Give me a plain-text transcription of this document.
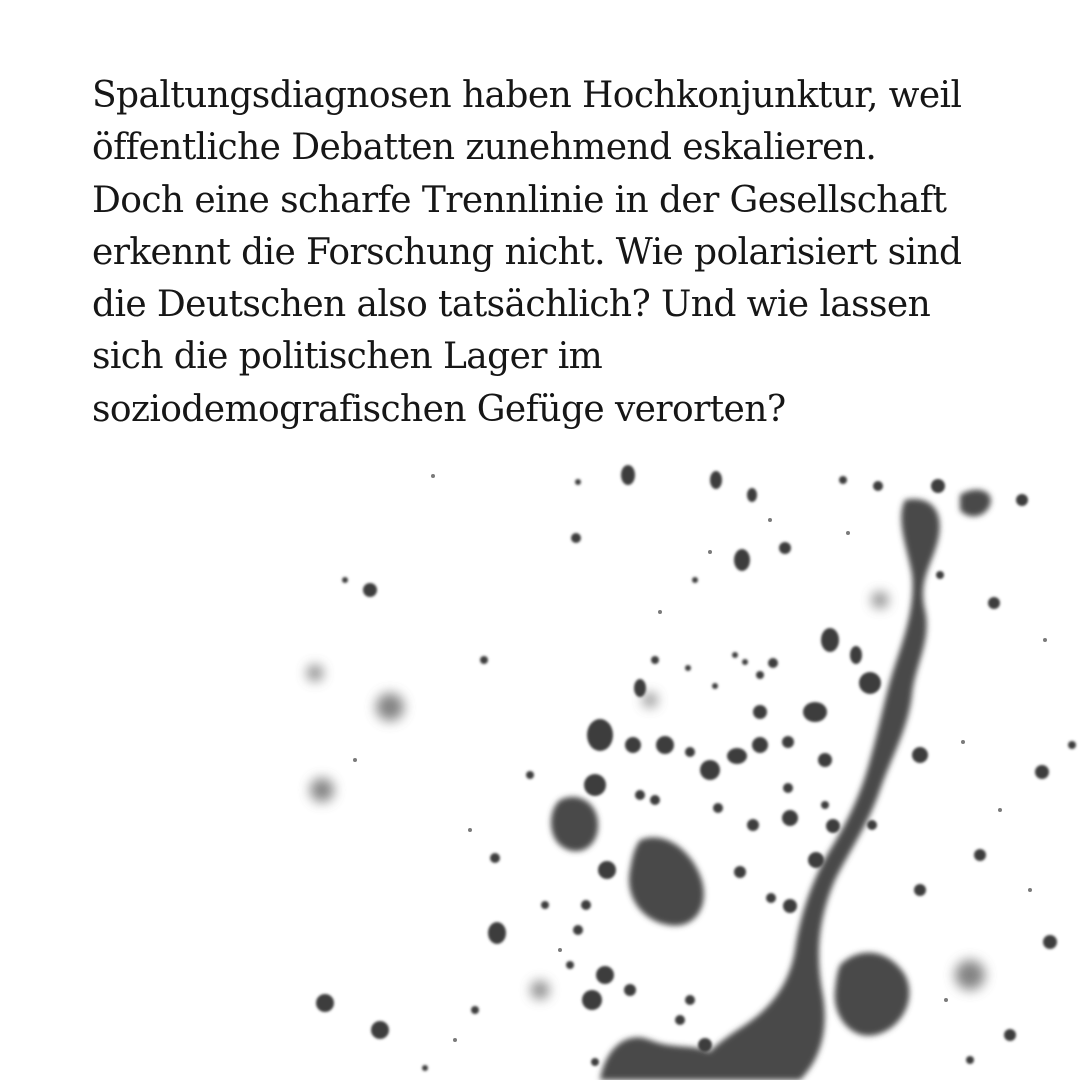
Spaltungsdiagnosen haben Hochkonjunktur, weil
öffentliche Debatten zunehmend eskalieren.
Doch eine scharfe Trennlinie in der Gesellschaft
erkennt die Forschung nicht. Wie polarisiert sind
die Deutschen also tatsächlich? Und wie lassen
sich die politischen Lager im
soziodemografischen Gefüge verorten?
